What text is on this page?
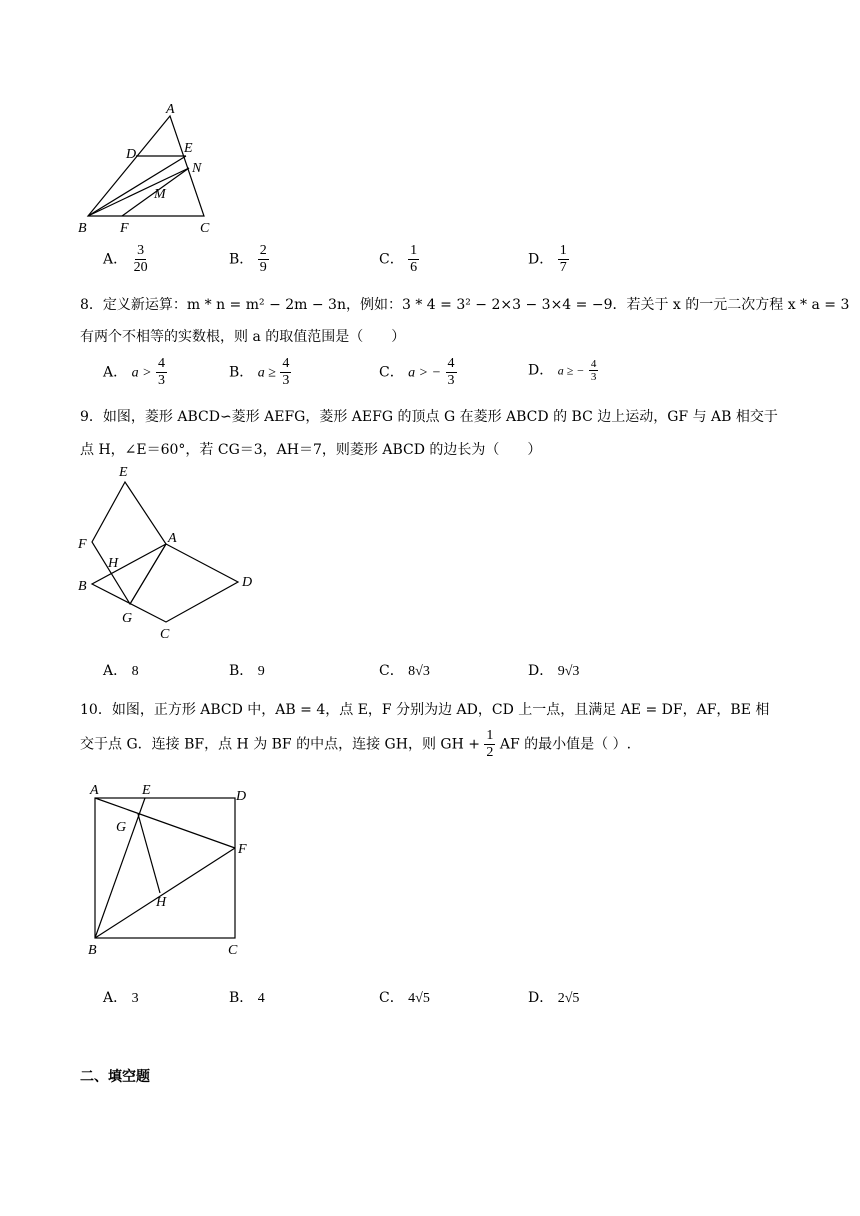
A
D	E
N
M
B F	C
A． $\frac{3}{20}$	B． $\frac{2}{9}$	C． $\frac{1}{6}$	D． $\frac{1}{7}$
8．定义新运算：m * n = m² − 2m − 3n，例如：3 * 4 = 3² − 2×3 − 3×4 = −9．若关于 x 的一元二次方程 x * a = 3
有两个不相等的实数根，则 a 的取值范围是（　　）
A． $a > \frac{4}{3}$	B． $a \ge \frac{4}{3}$	C． a > − $\frac{4}{3}$	D． a ≥ − $\frac{4}{3}$
9．如图，菱形 ABCD∽菱形 AEFG，菱形 AEFG 的顶点 G 在菱形 ABCD 的 BC 边上运动，GF 与 AB 相交于
点 H，∠E＝60°，若 CG＝3，AH＝7，则菱形 ABCD 的边长为（　　）
E
F	A
H
B	D
G
C
A． 8	B． 9	C． 8√3	D． 9√3
10．如图，正方形 ABCD 中，AB = 4，点 E，F 分别为边 AD，CD 上一点，且满足 AE = DF，AF，BE 相
交于点 G．连接 BF，点 H 为 BF 的中点，连接 GH，则 GH + $\frac{1}{2}$ AF 的最小值是（ ）.
A	E	D
G
F
H
B	C
A． 3	B． 4	C． 4√5	D． 2√5
二、填空题
